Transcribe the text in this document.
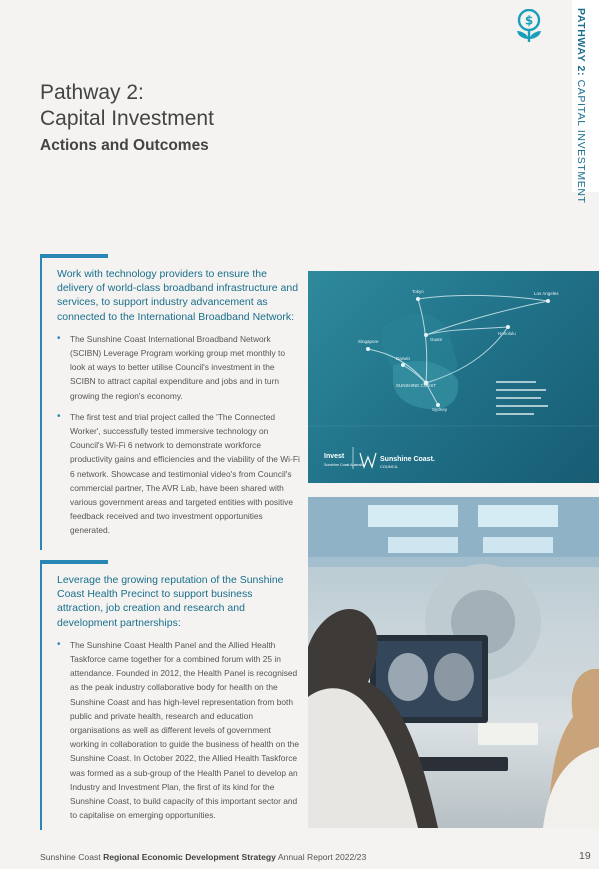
PATHWAY 2: CAPITAL INVESTMENT
$
Pathway 2:
Capital Investment
Actions and Outcomes
Work with technology providers to ensure the delivery of world-class broadband infrastructure and services, to support industry advancement as connected to the International Broadband Network:
• The Sunshine Coast International Broadband Network (SCIBN) Leverage Program working group met monthly to look at ways to better utilise Council's investment in the SCIBN to attract capital expenditure and jobs and in turn growing the region's economy.
• The first test and trial project called the 'The Connected Worker', successfully tested immersive technology on Council's Wi-Fi 6 network to demonstrate workforce productivity gains and efficiencies and the viability of the Wi-Fi 6 network. Showcase and testimonial video's from Council's commercial partner, The AVR Lab, have been shared with various government areas and targeted entities with positive feedback received and two investment opportunities generated.
Leverage the growing reputation of the Sunshine Coast Health Precinct to support business attraction, job creation and research and development partnerships:
• The Sunshine Coast Health Panel and the Allied Health Taskforce came together for a combined forum with 25 in attendance. Founded in 2012, the Health Panel is recognised as the peak industry collaborative body for health on the Sunshine Coast and has high-level representation from both public and private health, research and education organisations as well as different levels of government working in collaboration to guide the business of health on the Sunshine Coast. In October 2022, the Allied Health Taskforce was formed as a sub-group of the Health Panel to develop an Industry and Investment Plan, the first of its kind for the Sunshine Coast, to build capacity of this important sector and to capitalise on emerging opportunities.
Tokyo	Los Angeles
Guam
Honolulu
Singapore
Darwin
SUNSHINE COAST
Sydney
Invest
Sunshine Coast Australia
Sunshine Coast.
COUNCIL
Sunshine Coast Regional Economic Development Strategy Annual Report 2022/23	19
